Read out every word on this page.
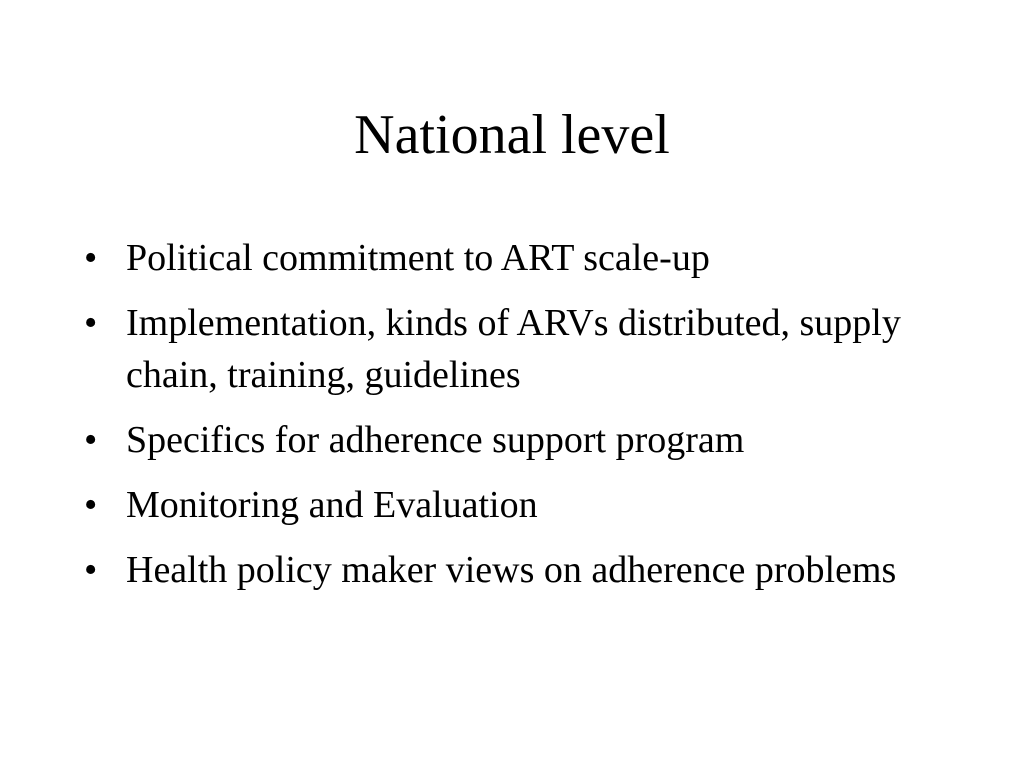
National level
• Political commitment to ART scale-up
• Implementation, kinds of ARVs distributed, supply chain, training, guidelines
• Specifics for adherence support program
• Monitoring and Evaluation
• Health policy maker views on adherence problems
